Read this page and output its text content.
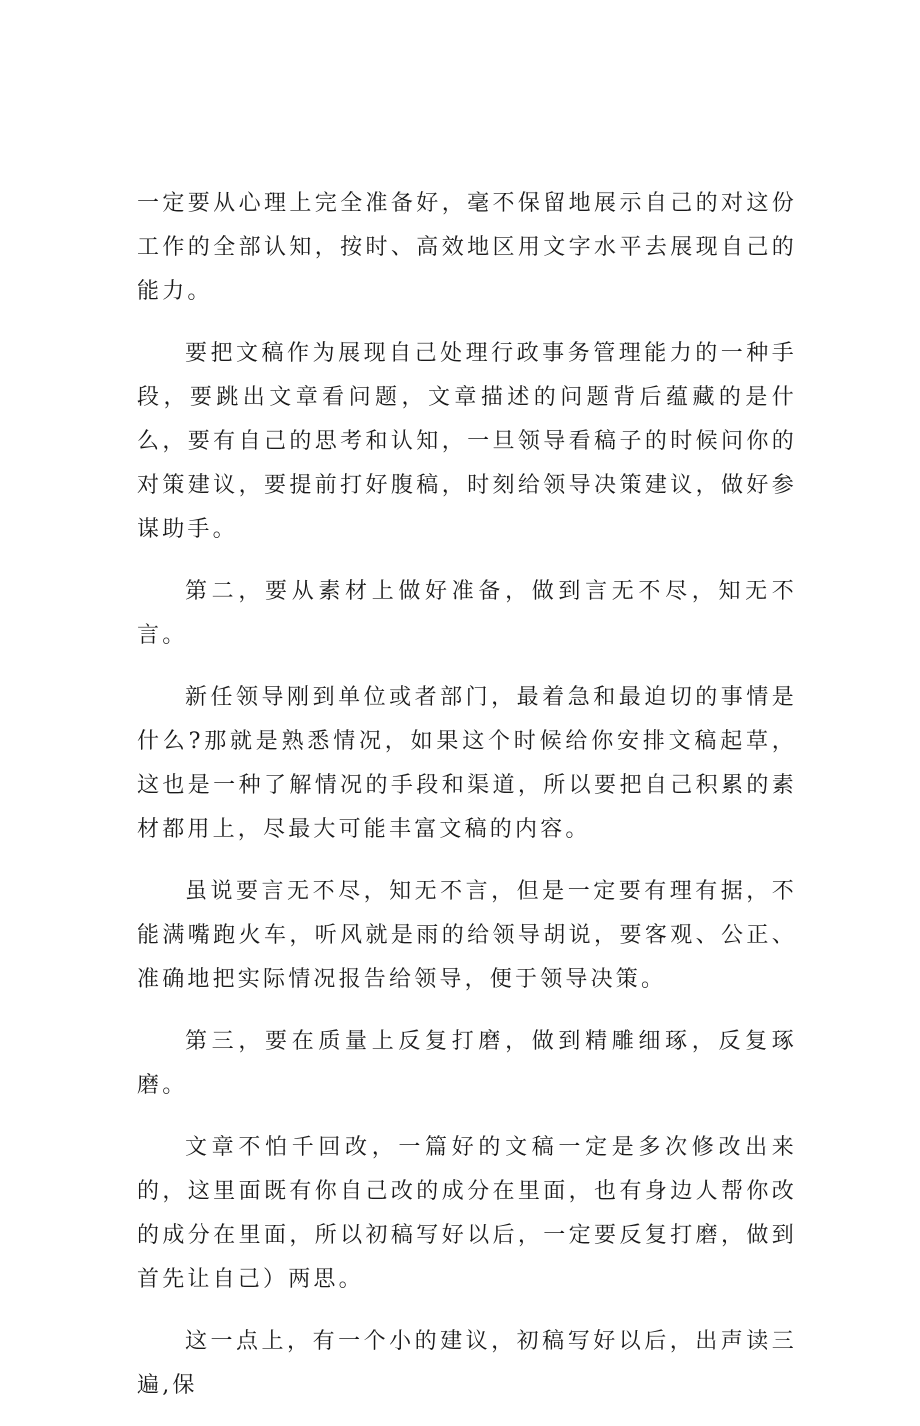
一定要从心理上完全准备好，毫不保留地展示自己的对这份工作的全部认知，按时、高效地区用文字水平去展现自己的能力。

要把文稿作为展现自己处理行政事务管理能力的一种手段，要跳出文章看问题，文章描述的问题背后蕴藏的是什么，要有自己的思考和认知，一旦领导看稿子的时候问你的对策建议，要提前打好腹稿，时刻给领导决策建议，做好参谋助手。

第二，要从素材上做好准备，做到言无不尽，知无不言。

新任领导刚到单位或者部门，最着急和最迫切的事情是什么?那就是熟悉情况，如果这个时候给你安排文稿起草，这也是一种了解情况的手段和渠道，所以要把自己积累的素材都用上，尽最大可能丰富文稿的内容。

虽说要言无不尽，知无不言，但是一定要有理有据，不能满嘴跑火车，听风就是雨的给领导胡说，要客观、公正、准确地把实际情况报告给领导，便于领导决策。

第三，要在质量上反复打磨，做到精雕细琢，反复琢磨。

文章不怕千回改，一篇好的文稿一定是多次修改出来的，这里面既有你自己改的成分在里面，也有身边人帮你改的成分在里面，所以初稿写好以后，一定要反复打磨，做到首先让自己）两思。

这一点上，有一个小的建议，初稿写好以后，出声读三遍,保
